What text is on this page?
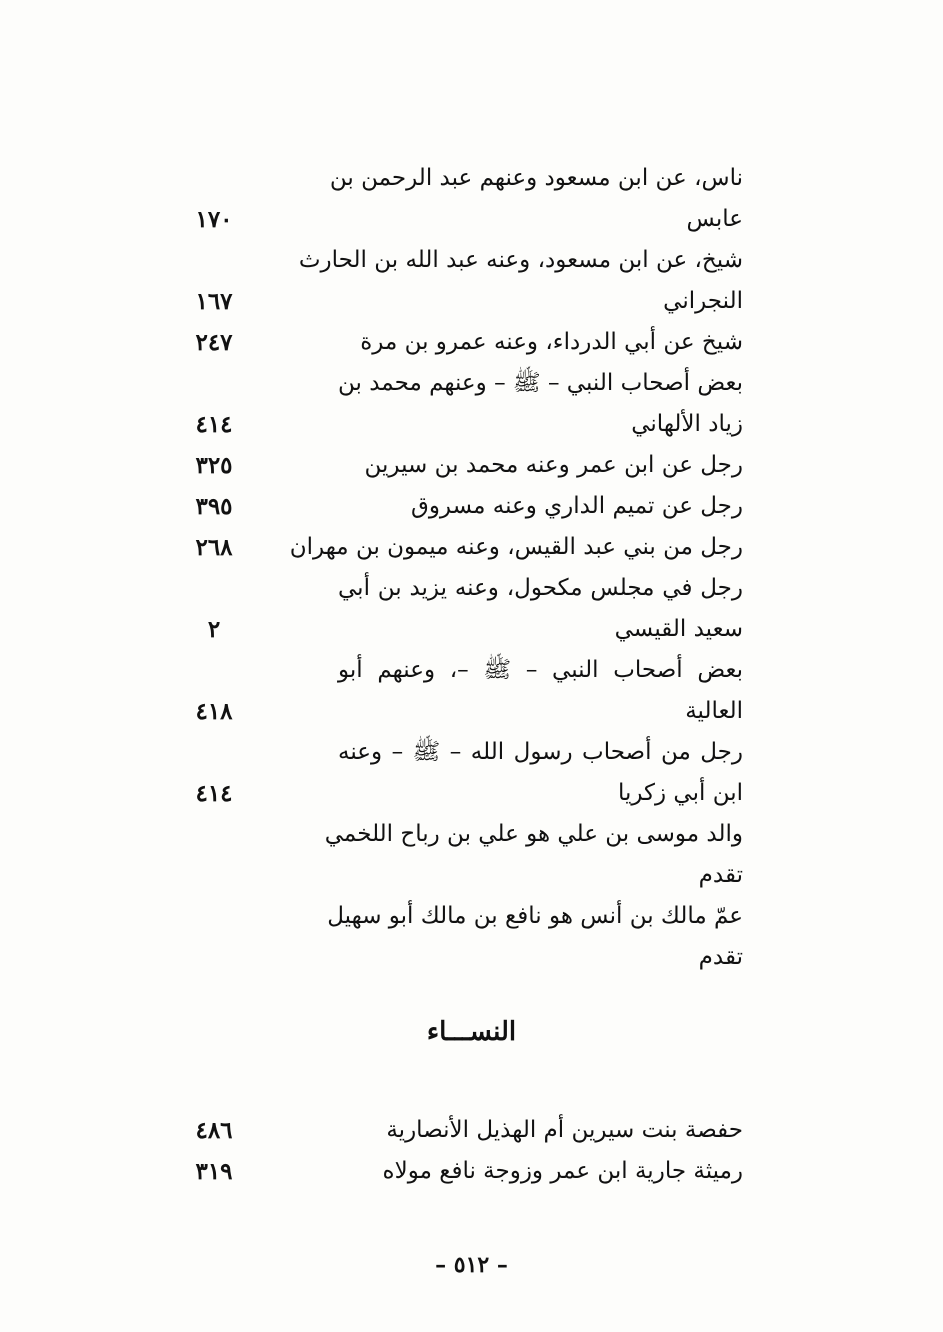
ناس، عن ابن مسعود وعنهم عبد الرحمن بن
عابس
١٧٠
شيخ، عن ابن مسعود، وعنه عبد الله بن الحارث
النجراني
١٦٧
شيخ عن أبي الدرداء، وعنه عمرو بن مرة
٢٤٧
بعض أصحاب النبي – ﷺ – وعنهم محمد بن
زياد الألهاني
٤١٤
رجل عن ابن عمر وعنه محمد بن سيرين
٣٢٥
رجل عن تميم الداري وعنه مسروق
٣٩٥
رجل من بني عبد القيس، وعنه ميمون بن مهران
٢٦٨
رجل في مجلس مكحول، وعنه يزيد بن أبي
سعيد القيسي
٢
بعض أصحاب النبي – ﷺ –، وعنهم أبو
العالية
٤١٨
رجل من أصحاب رسول الله – ﷺ – وعنه
ابن أبي زكريا
٤١٤
والد موسى بن علي هو علي بن رباح اللخمي
تقدم
عمّ مالك بن أنس هو نافع بن مالك أبو سهيل
تقدم
النســـاء
حفصة بنت سيرين أم الهذيل الأنصارية
٤٨٦
رميثة جارية ابن عمر وزوجة نافع مولاه
٣١٩
– ٥١٢ –
